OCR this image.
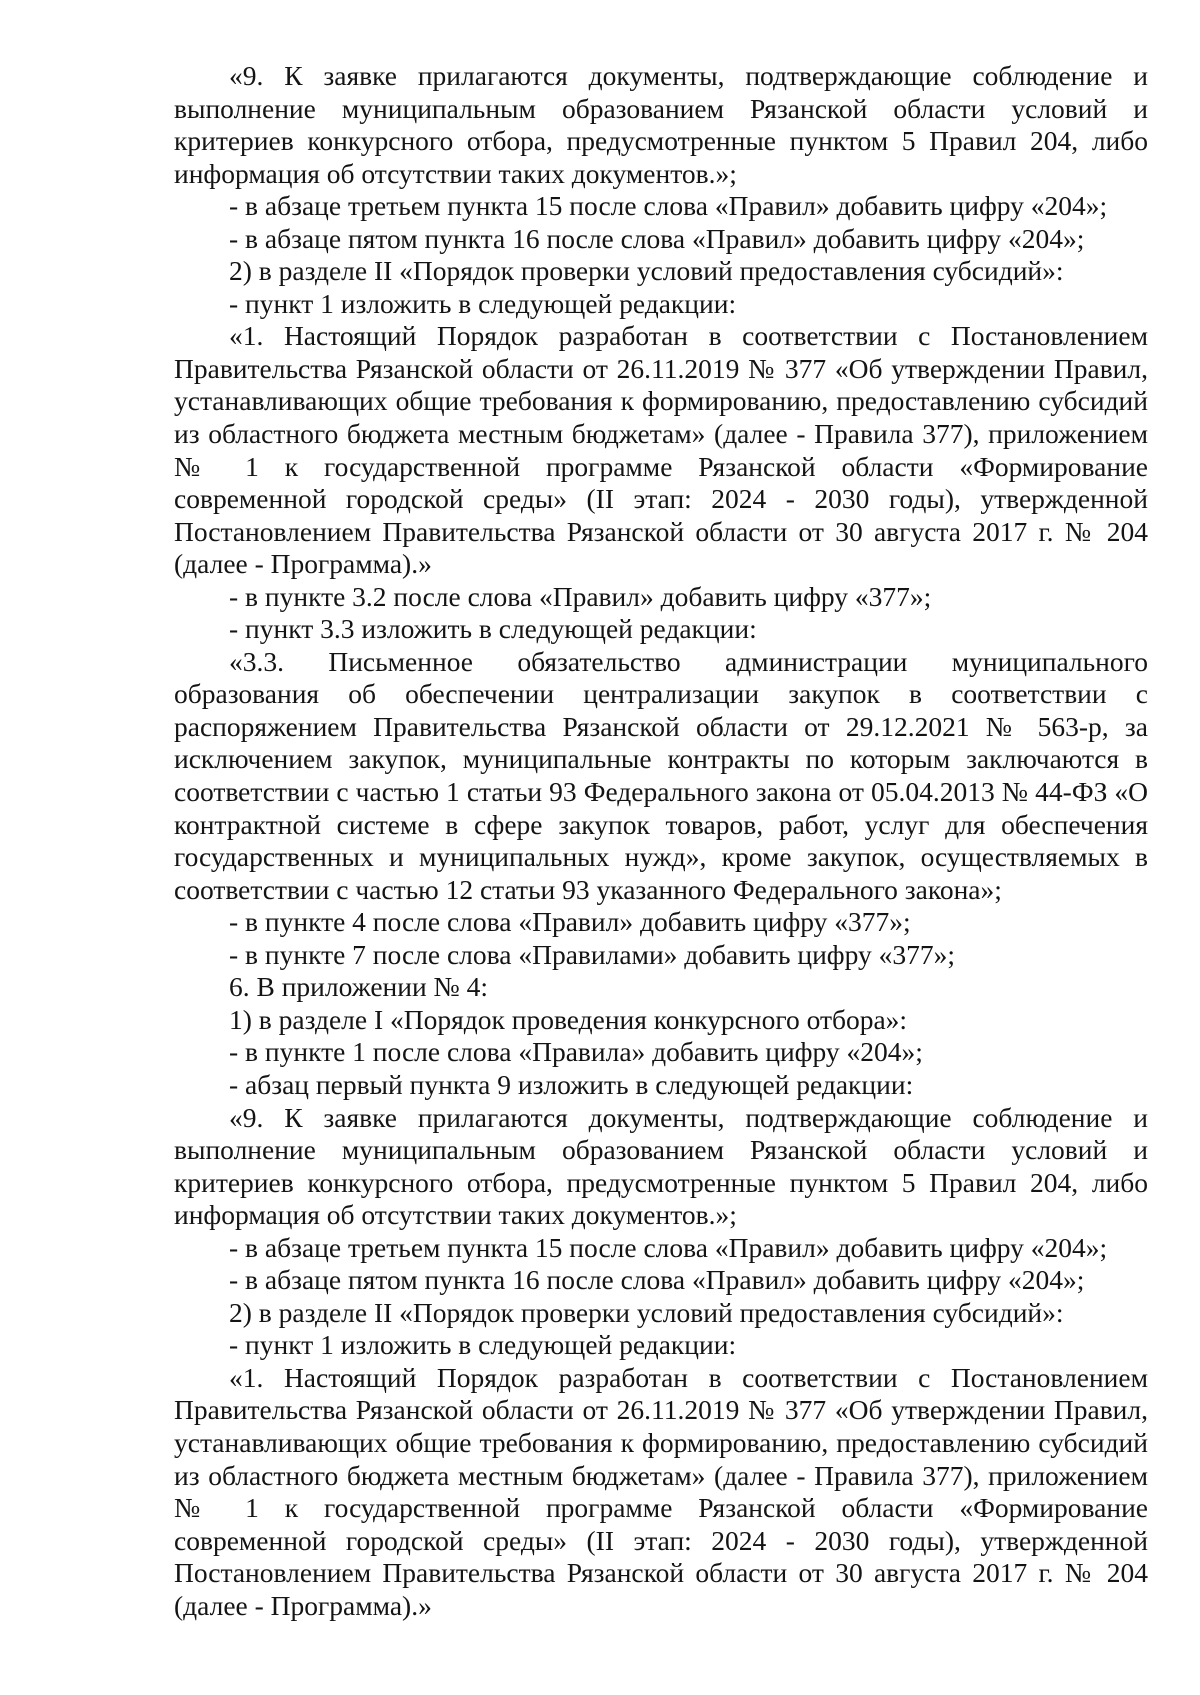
«9. К заявке прилагаются документы, подтверждающие соблюдение и выполнение муниципальным образованием Рязанской области условий и критериев конкурсного отбора, предусмотренные пунктом 5 Правил 204, либо информация об отсутствии таких документов.»;

- в абзаце третьем пункта 15 после слова «Правил» добавить цифру «204»;

- в абзаце пятом пункта 16 после слова «Правил» добавить цифру «204»;

2) в разделе II «Порядок проверки условий предоставления субсидий»:

- пункт 1 изложить в следующей редакции:

«1. Настоящий Порядок разработан в соответствии с Постановлением Правительства Рязанской области от 26.11.2019 № 377 «Об утверждении Правил, устанавливающих общие требования к формированию, предоставлению субсидий из областного бюджета местным бюджетам» (далее - Правила 377), приложением № 1 к государственной программе Рязанской области «Формирование современной городской среды» (II этап: 2024 - 2030 годы), утвержденной Постановлением Правительства Рязанской области от 30 августа 2017 г. № 204 (далее - Программа).»

- в пункте 3.2 после слова «Правил» добавить цифру «377»;

- пункт 3.3 изложить в следующей редакции:

«3.3. Письменное обязательство администрации муниципального образования об обеспечении централизации закупок в соответствии с распоряжением Правительства Рязанской области от 29.12.2021 № 563-р, за исключением закупок, муниципальные контракты по которым заключаются в соответствии с частью 1 статьи 93 Федерального закона от 05.04.2013 № 44-ФЗ «О контрактной системе в сфере закупок товаров, работ, услуг для обеспечения государственных и муниципальных нужд», кроме закупок, осуществляемых в соответствии с частью 12 статьи 93 указанного Федерального закона»;

- в пункте 4 после слова «Правил» добавить цифру «377»;

- в пункте 7 после слова «Правилами» добавить цифру «377»;

6. В приложении № 4:

1) в разделе I «Порядок проведения конкурсного отбора»:

- в пункте 1 после слова «Правила» добавить цифру «204»;

- абзац первый пункта 9 изложить в следующей редакции:

«9. К заявке прилагаются документы, подтверждающие соблюдение и выполнение муниципальным образованием Рязанской области условий и критериев конкурсного отбора, предусмотренные пунктом 5 Правил 204, либо информация об отсутствии таких документов.»;

- в абзаце третьем пункта 15 после слова «Правил» добавить цифру «204»;

- в абзаце пятом пункта 16 после слова «Правил» добавить цифру «204»;

2) в разделе II «Порядок проверки условий предоставления субсидий»:

- пункт 1 изложить в следующей редакции:

«1. Настоящий Порядок разработан в соответствии с Постановлением Правительства Рязанской области от 26.11.2019 № 377 «Об утверждении Правил, устанавливающих общие требования к формированию, предоставлению субсидий из областного бюджета местным бюджетам» (далее - Правила 377), приложением № 1 к государственной программе Рязанской области «Формирование современной городской среды» (II этап: 2024 - 2030 годы), утвержденной Постановлением Правительства Рязанской области от 30 августа 2017 г. № 204 (далее - Программа).»
